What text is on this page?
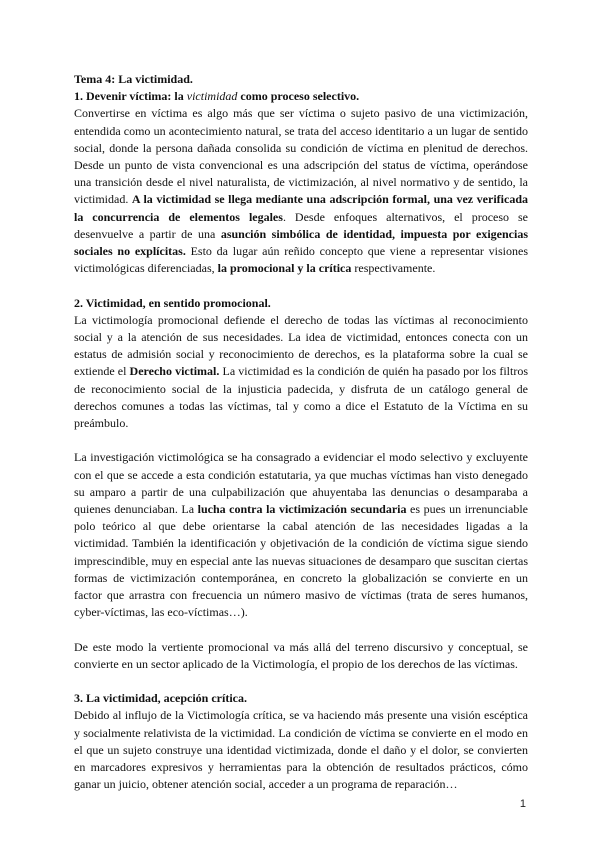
Tema 4: La victimidad.
1. Devenir víctima: la victimidad como proceso selectivo.

Convertirse en víctima es algo más que ser víctima o sujeto pasivo de una victimización, entendida como un acontecimiento natural, se trata del acceso identitario a un lugar de sentido social, donde la persona dañada consolida su condición de víctima en plenitud de derechos. Desde un punto de vista convencional es una adscripción del status de víctima, operándose una transición desde el nivel naturalista, de victimización, al nivel normativo y de sentido, la victimidad. A la victimidad se llega mediante una adscripción formal, una vez verificada la concurrencia de elementos legales. Desde enfoques alternativos, el proceso se desenvuelve a partir de una asunción simbólica de identidad, impuesta por exigencias sociales no explícitas. Esto da lugar aún reñido concepto que viene a representar visiones victimológicas diferenciadas, la promocional y la crítica respectivamente.

2. Victimidad, en sentido promocional.

La victimología promocional defiende el derecho de todas las víctimas al reconocimiento social y a la atención de sus necesidades. La idea de victimidad, entonces conecta con un estatus de admisión social y reconocimiento de derechos, es la plataforma sobre la cual se extiende el Derecho victimal. La victimidad es la condición de quién ha pasado por los filtros de reconocimiento social de la injusticia padecida, y disfruta de un catálogo general de derechos comunes a todas las víctimas, tal y como a dice el Estatuto de la Víctima en su preámbulo.

La investigación victimológica se ha consagrado a evidenciar el modo selectivo y excluyente con el que se accede a esta condición estatutaria, ya que muchas víctimas han visto denegado su amparo a partir de una culpabilización que ahuyentaba las denuncias o desamparaba a quienes denunciaban. La lucha contra la victimización secundaria es pues un irrenunciable polo teórico al que debe orientarse la cabal atención de las necesidades ligadas a la victimidad. También la identificación y objetivación de la condición de víctima sigue siendo imprescindible, muy en especial ante las nuevas situaciones de desamparo que suscitan ciertas formas de victimización contemporánea, en concreto la globalización se convierte en un factor que arrastra con frecuencia un número masivo de víctimas (trata de seres humanos, cyber-víctimas, las eco-víctimas…).

De este modo la vertiente promocional va más allá del terreno discursivo y conceptual, se convierte en un sector aplicado de la Victimología, el propio de los derechos de las víctimas.

3. La victimidad, acepción crítica.

Debido al influjo de la Victimología crítica, se va haciendo más presente una visión escéptica y socialmente relativista de la victimidad. La condición de víctima se convierte en el modo en el que un sujeto construye una identidad victimizada, donde el daño y el dolor, se convierten en marcadores expresivos y herramientas para la obtención de resultados prácticos, cómo ganar un juicio, obtener atención social, acceder a un programa de reparación…

1
